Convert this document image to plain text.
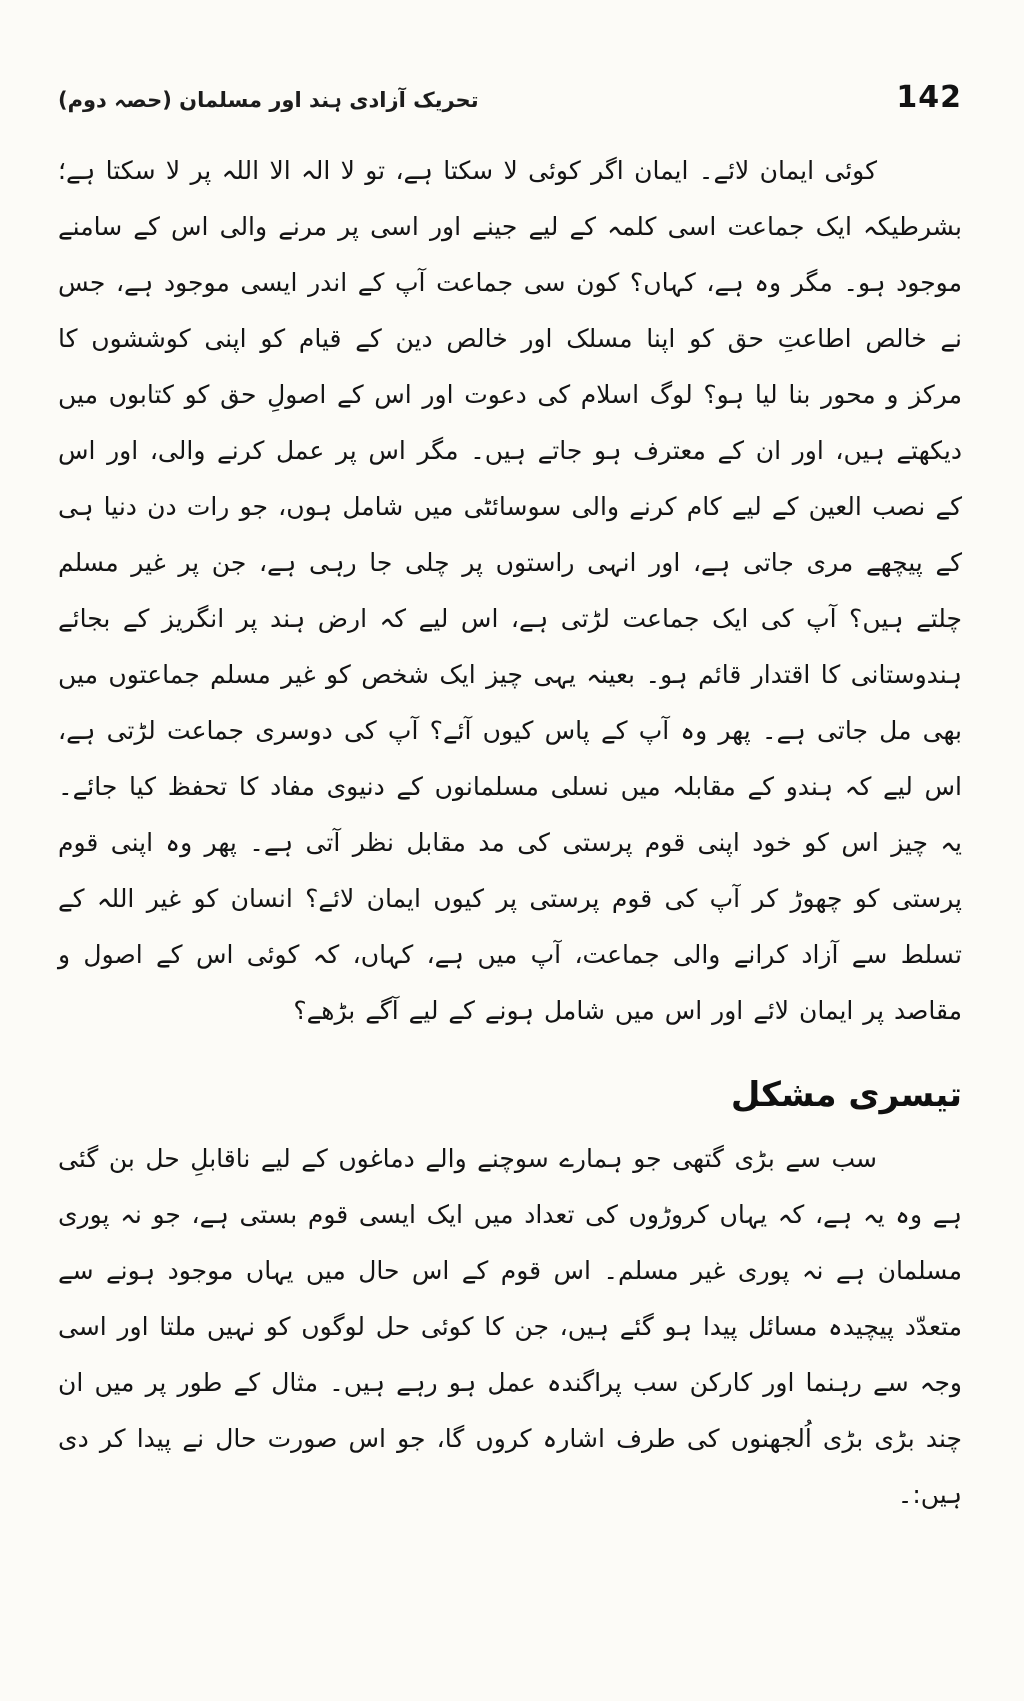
142
تحریک آزادی ہند اور مسلمان (حصہ دوم)

کوئی ایمان لائے۔ ایمان اگر کوئی لا سکتا ہے، تو لا الہ الا اللہ پر لا سکتا ہے؛ بشرطیکہ ایک جماعت اسی کلمہ کے لیے جینے اور اسی پر مرنے والی اس کے سامنے موجود ہو۔ مگر وہ ہے، کہاں؟ کون سی جماعت آپ کے اندر ایسی موجود ہے، جس نے خالص اطاعتِ حق کو اپنا مسلک اور خالص دین کے قیام کو اپنی کوششوں کا مرکز و محور بنا لیا ہو؟ لوگ اسلام کی دعوت اور اس کے اصولِ حق کو کتابوں میں دیکھتے ہیں، اور ان کے معترف ہو جاتے ہیں۔ مگر اس پر عمل کرنے والی، اور اس کے نصب العین کے لیے کام کرنے والی سوسائٹی میں شامل ہوں، جو رات دن دنیا ہی کے پیچھے مری جاتی ہے، اور انہی راستوں پر چلی جا رہی ہے، جن پر غیر مسلم چلتے ہیں؟ آپ کی ایک جماعت لڑتی ہے، اس لیے کہ ارض ہند پر انگریز کے بجائے ہندوستانی کا اقتدار قائم ہو۔ بعینہ یہی چیز ایک شخص کو غیر مسلم جماعتوں میں بھی مل جاتی ہے۔ پھر وہ آپ کے پاس کیوں آئے؟ آپ کی دوسری جماعت لڑتی ہے، اس لیے کہ ہندو کے مقابلہ میں نسلی مسلمانوں کے دنیوی مفاد کا تحفظ کیا جائے۔ یہ چیز اس کو خود اپنی قوم پرستی کی مد مقابل نظر آتی ہے۔ پھر وہ اپنی قوم پرستی کو چھوڑ کر آپ کی قوم پرستی پر کیوں ایمان لائے؟ انسان کو غیر اللہ کے تسلط سے آزاد کرانے والی جماعت، آپ میں ہے، کہاں، کہ کوئی اس کے اصول و مقاصد پر ایمان لائے اور اس میں شامل ہونے کے لیے آگے بڑھے؟

تیسری مشکل

سب سے بڑی گتھی جو ہمارے سوچنے والے دماغوں کے لیے ناقابلِ حل بن گئی ہے وہ یہ ہے، کہ یہاں کروڑوں کی تعداد میں ایک ایسی قوم بستی ہے، جو نہ پوری مسلمان ہے نہ پوری غیر مسلم۔ اس قوم کے اس حال میں یہاں موجود ہونے سے متعدّد پیچیدہ مسائل پیدا ہو گئے ہیں، جن کا کوئی حل لوگوں کو نہیں ملتا اور اسی وجہ سے رہنما اور کارکن سب پراگندہ عمل ہو رہے ہیں۔ مثال کے طور پر میں ان چند بڑی بڑی اُلجھنوں کی طرف اشارہ کروں گا، جو اس صورت حال نے پیدا کر دی ہیں:۔
